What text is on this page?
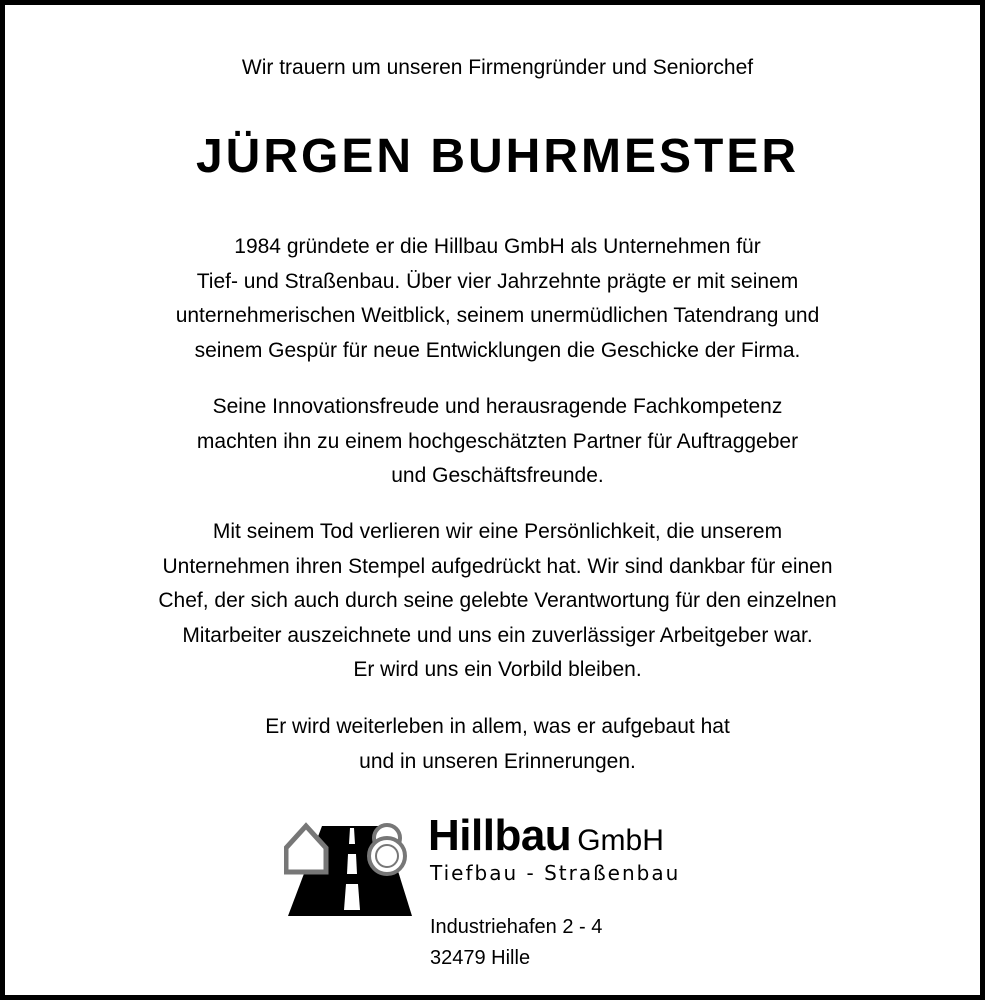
Wir trauern um unseren Firmengründer und Seniorchef
JÜRGEN BUHRMESTER
1984 gründete er die Hillbau GmbH als Unternehmen für
Tief- und Straßenbau. Über vier Jahrzehnte prägte er mit seinem
unternehmerischen Weitblick, seinem unermüdlichen Tatendrang und
seinem Gespür für neue Entwicklungen die Geschicke der Firma.
Seine Innovationsfreude und herausragende Fachkompetenz
machten ihn zu einem hochgeschätzten Partner für Auftraggeber
und Geschäftsfreunde.
Mit seinem Tod verlieren wir eine Persönlichkeit, die unserem
Unternehmen ihren Stempel aufgedrückt hat. Wir sind dankbar für einen
Chef, der sich auch durch seine gelebte Verantwortung für den einzelnen
Mitarbeiter auszeichnete und uns ein zuverlässiger Arbeitgeber war.
Er wird uns ein Vorbild bleiben.
Er wird weiterleben in allem, was er aufgebaut hat
und in unseren Erinnerungen.
Hillbau GmbH
Tiefbau - Straßenbau
Industriehafen 2 - 4
32479 Hille
